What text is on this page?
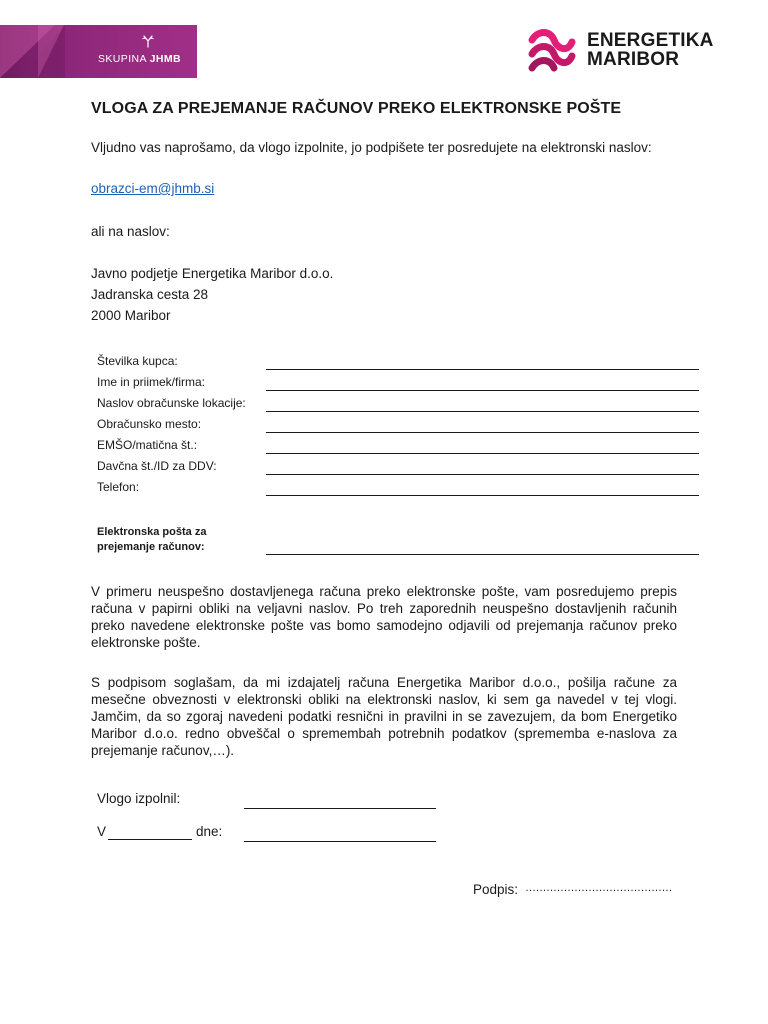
SKUPINA JHMB
ENERGETIKA
MARIBOR
VLOGA ZA PREJEMANJE RAČUNOV PREKO ELEKTRONSKE POŠTE
Vljudno vas naprošamo, da vlogo izpolnite, jo podpišete ter posredujete na elektronski naslov:
obrazci-em@jhmb.si
ali na naslov:
Javno podjetje Energetika Maribor d.o.o.
Jadranska cesta 28
2000 Maribor
Številka kupca:
Ime in priimek/firma:
Naslov obračunske lokacije:
Obračunsko mesto:
EMŠO/matična št.:
Davčna št./ID za DDV:
Telefon:
Elektronska pošta za
prejemanje računov:
V primeru neuspešno dostavljenega računa preko elektronske pošte, vam posredujemo prepis računa v papirni obliki na veljavni naslov. Po treh zaporednih neuspešno dostavljenih računih preko navedene elektronske pošte vas bomo samodejno odjavili od prejemanja računov preko elektronske pošte.
S podpisom soglašam, da mi izdajatelj računa Energetika Maribor d.o.o., pošilja račune za mesečne obveznosti v elektronski obliki na elektronski naslov, ki sem ga navedel v tej vlogi. Jamčim, da so zgoraj navedeni podatki resnični in pravilni in se zavezujem, da bom Energetiko Maribor d.o.o. redno obveščal o spremembah potrebnih podatkov (sprememba e-naslova za prejemanje računov,…).
Vlogo izpolnil:
V	dne:
Podpis: ……………………………………
